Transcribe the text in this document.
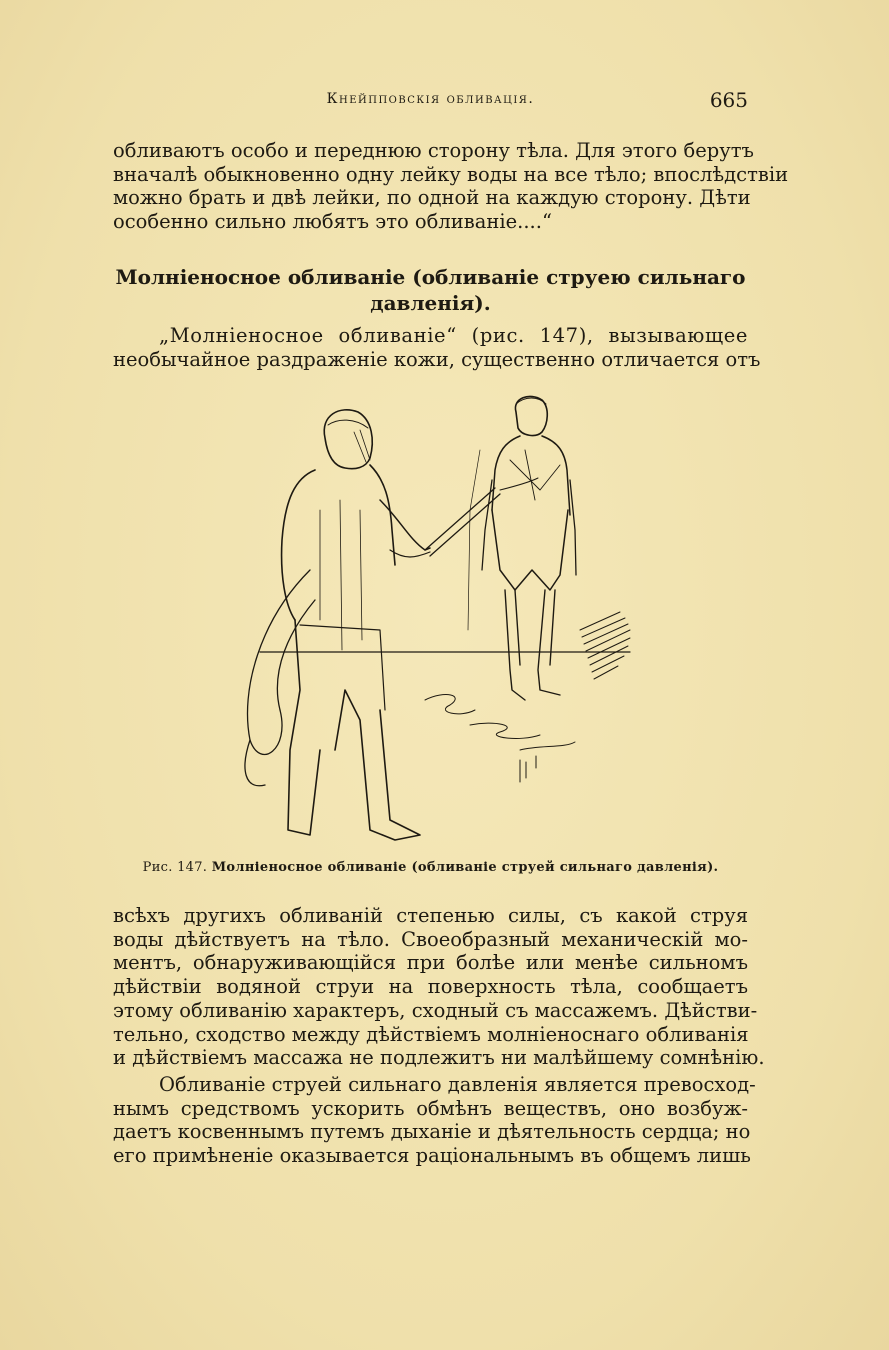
Кнейпповскія обливація.	665
обливаютъ особо и переднюю сторону тѣла. Для этого берутъ
вначалѣ обыкновенно одну лейку воды на все тѣло; впослѣдствіи
можно брать и двѣ лейки, по одной на каждую сторону. Дѣти
особенно сильно любятъ это обливаніе....“
Молніеносное обливаніе (обливаніе струею сильнаго
давленія).
„Молніеносное обливаніе“ (рис. 147), вызывающее
необычайное раздраженіе кожи, существенно отличается отъ
Рис. 147. Молніеносное обливаніе (обливаніе струей сильнаго давленія).
всѣхъ другихъ обливаній степенью силы, съ какой струя
воды дѣйствуетъ на тѣло. Своеобразный механическій мо-
ментъ, обнаруживающійся при болѣе или менѣе сильномъ
дѣйствіи водяной струи на поверхность тѣла, сообщаетъ
этому обливанію характеръ, сходный съ массажемъ. Дѣйстви-
тельно, сходство между дѣйствіемъ молніеноснаго обливанія
и дѣйствіемъ массажа не подлежитъ ни малѣйшему сомнѣнію.
Обливаніе струей сильнаго давленія является превосход-
нымъ средствомъ ускорить обмѣнъ веществъ, оно возбуж-
даетъ косвеннымъ путемъ дыханіе и дѣятельность сердца; но
его примѣненіе оказывается раціональнымъ въ общемъ лишь
